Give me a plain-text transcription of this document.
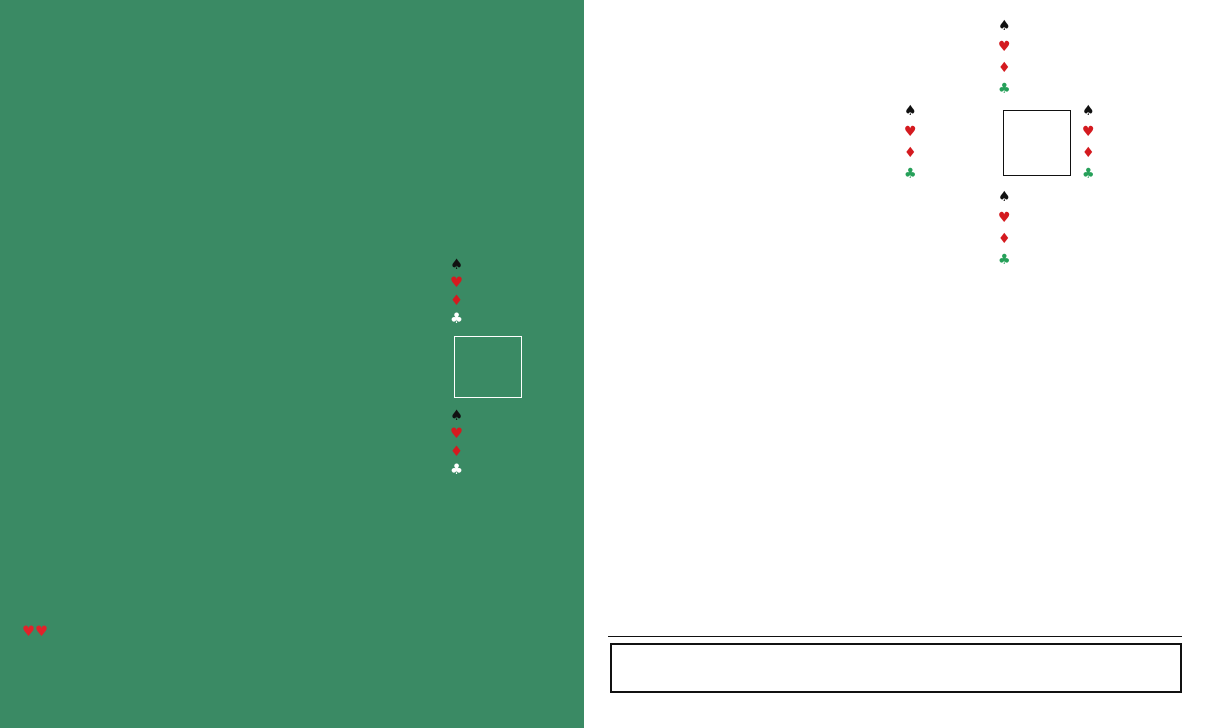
♠
♥
♦
♣
♠
♥
♦
♣
♥♥
♠
♥
♦
♣
♠
♥
♦
♣
♠
♥
♦
♣
♠
♥
♦
♣
